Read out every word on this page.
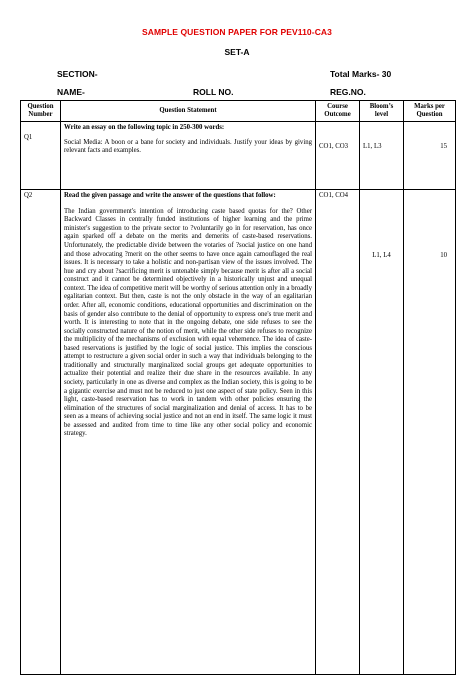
SAMPLE QUESTION PAPER FOR PEV110-CA3
SET-A
SECTION-	Total Marks- 30
NAME-	ROLL NO.	REG.NO.
Question Number	Question Statement	Course Outcome	Bloom’s level	Marks per Question
Q1	Write an essay on the following topic in 250-300 words:
Social Media: A boon or a bane for society and individuals. Justify your ideas by giving relevant facts and examples.	CO1, CO3	L1, L3	15
Q2	Read the given passage and write the answer of the questions that follow:
The Indian government's intention of introducing caste based quotas for the? Other Backward Classes in centrally funded institutions of higher learning and the prime minister's suggestion to the private sector to ?voluntarily go in for reservation, has once again sparked off a debate on the merits and demerits of caste-based reservations. Unfortunately, the predictable divide between the votaries of ?social justice on one hand and those advocating ?merit on the other seems to have once again camouflaged the real issues. It is necessary to take a holistic and non-partisan view of the issues involved. The hue and cry about ?sacrificing merit is untenable simply because merit is after all a social construct and it cannot be determined objectively in a historically unjust and unequal context. The idea of competitive merit will be worthy of serious attention only in a broadly egalitarian context. But then, caste is not the only obstacle in the way of an egalitarian order. After all, economic conditions, educational opportunities and discrimination on the basis of gender also contribute to the denial of opportunity to express one's true merit and worth. It is interesting to note that in the ongoing debate, one side refuses to see the socially constructed nature of the notion of merit, while the other side refuses to recognize the multiplicity of the mechanisms of exclusion with equal vehemence. The idea of caste-based reservations is justified by the logic of social justice. This implies the conscious attempt to restructure a given social order in such a way that individuals belonging to the traditionally and structurally marginalized social groups get adequate opportunities to actualize their potential and realize their due share in the resources available. In any society, particularly in one as diverse and complex as the Indian society, this is going to be a gigantic exercise and must not be reduced to just one aspect of state policy. Seen in this light, caste-based reservation has to work in tandem with other policies ensuring the elimination of the structures of social marginalization and denial of access. It has to be seen as a means of achieving social justice and not an end in itself. The same logic it must be assessed and audited from time to time like any other social policy and economic strategy.	CO1, CO4	L1, L4	10
